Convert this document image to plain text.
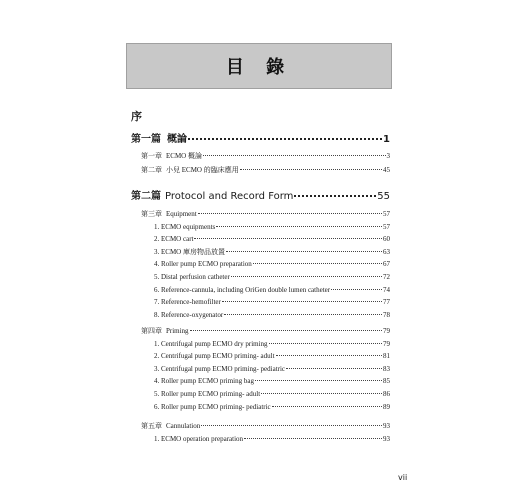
目 錄
序
第一篇 概論	1
第一章 ECMO 概論	3
第二章 小兒 ECMO 的臨床應用	45
第二篇 Protocol and Record Form	55
第三章 Equipment	57
1. ECMO equipments	57
2. ECMO cart	60
3. ECMO 庫房物品放置	63
4. Roller pump ECMO preparation	67
5. Distal perfusion catheter	72
6. Reference-cannula, including OriGen double lumen catheter	74
7. Reference-hemofilter	77
8. Reference-oxygenator	78
第四章 Priming	79
1. Centrifugal pump ECMO dry priming	79
2. Centrifugal pump ECMO priming- adult	81
3. Centrifugal pump ECMO priming- pediatric	83
4. Roller pump ECMO priming bag	85
5. Roller pump ECMO priming- adult	86
6. Roller pump ECMO priming- pediatric	89
第五章 Cannulation	93
1. ECMO operation preparation	93
vii
